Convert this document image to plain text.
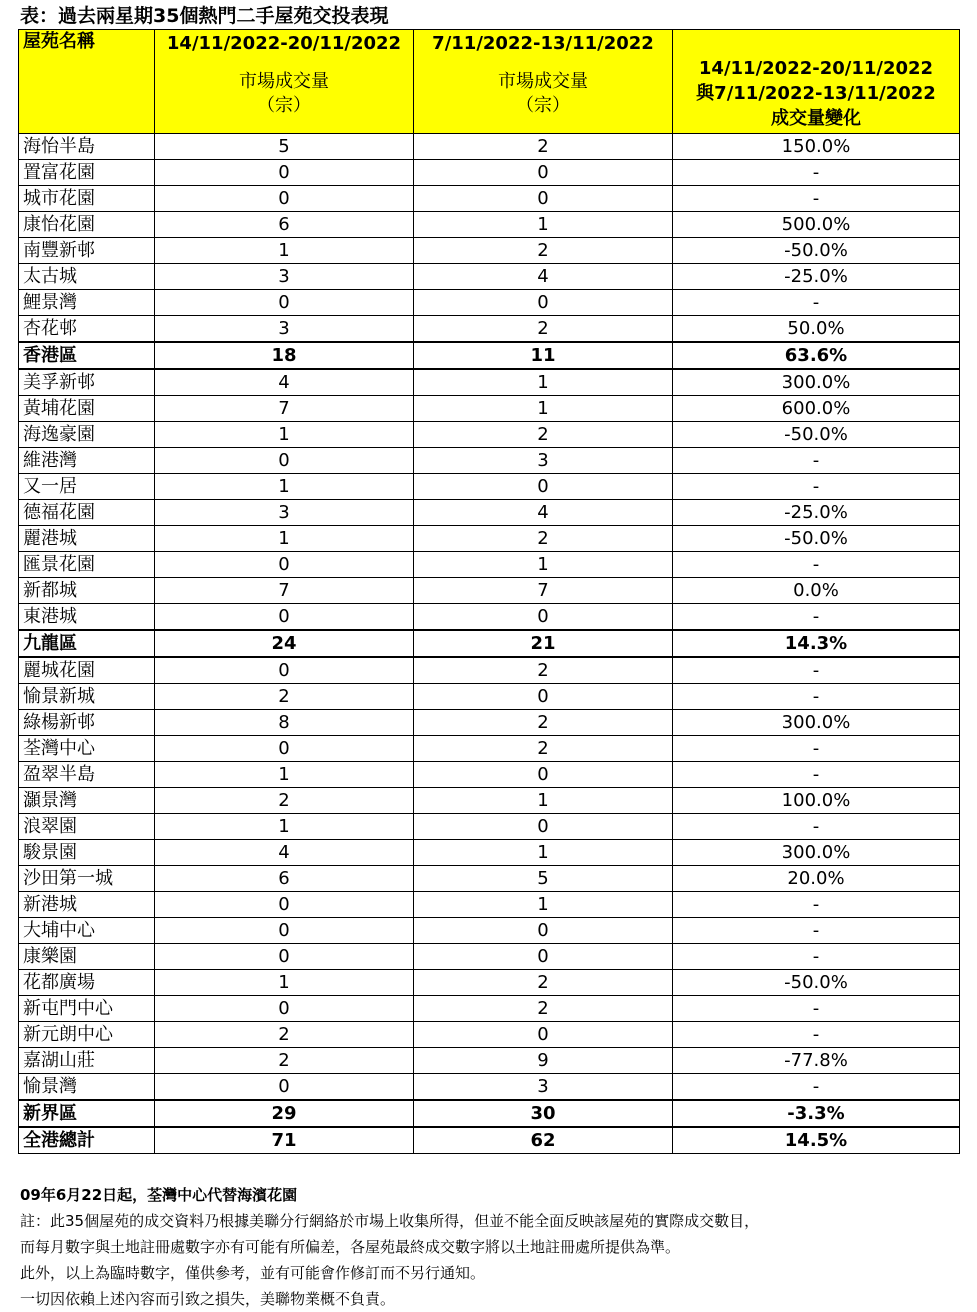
表：過去兩星期35個熱門二手屋苑交投表現
屋苑名稱	14/11/2022-20/11/2022
市場成交量
（宗）	7/11/2022-13/11/2022
市場成交量
（宗）	14/11/2022-20/11/2022
與7/11/2022-13/11/2022
成交量變化

海怡半島	5	2	150.0%
置富花園	0	0	-
城市花園	0	0	-
康怡花園	6	1	500.0%
南豐新邨	1	2	-50.0%
太古城	3	4	-25.0%
鯉景灣	0	0	-
杏花邨	3	2	50.0%
香港區	18	11	63.6%
美孚新邨	4	1	300.0%
黃埔花園	7	1	600.0%
海逸豪園	1	2	-50.0%
維港灣	0	3	-
又一居	1	0	-
德福花園	3	4	-25.0%
麗港城	1	2	-50.0%
匯景花園	0	1	-
新都城	7	7	0.0%
東港城	0	0	-
九龍區	24	21	14.3%
麗城花園	0	2	-
愉景新城	2	0	-
綠楊新邨	8	2	300.0%
荃灣中心	0	2	-
盈翠半島	1	0	-
灝景灣	2	1	100.0%
浪翠園	1	0	-
駿景園	4	1	300.0%
沙田第一城	6	5	20.0%
新港城	0	1	-
大埔中心	0	0	-
康樂園	0	0	-
花都廣場	1	2	-50.0%
新屯門中心	0	2	-
新元朗中心	2	0	-
嘉湖山莊	2	9	-77.8%
愉景灣	0	3	-
新界區	29	30	-3.3%
全港總計	71	62	14.5%
09年6月22日起，荃灣中心代替海濱花園
註：此35個屋苑的成交資料乃根據美聯分行網絡於市場上收集所得，但並不能全面反映該屋苑的實際成交數目，
而每月數字與土地註冊處數字亦有可能有所偏差，各屋苑最終成交數字將以土地註冊處所提供為準。
此外，以上為臨時數字，僅供參考，並有可能會作修訂而不另行通知。
一切因依賴上述內容而引致之損失，美聯物業概不負責。
